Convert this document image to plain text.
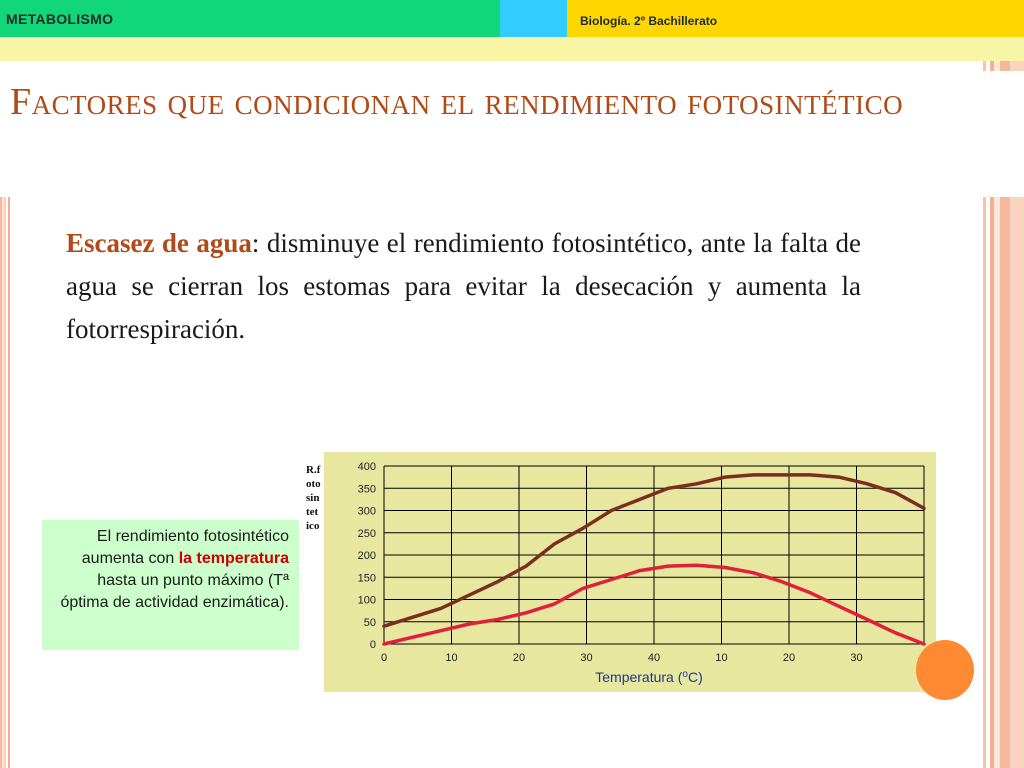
METABOLISMO	Biología. 2º Bachillerato
Factores que condicionan el rendimiento fotosintético
Escasez de agua: disminuye el rendimiento fotosintético, ante la falta de agua se cierran los estomas para evitar la desecación y aumenta la fotorrespiración.
El rendimiento fotosintético aumenta con la temperatura hasta un punto máximo (Tª óptima de actividad enzimática).
R.f
oto
sin
tet
ico
0
50
100
150
200
250
300
350
400
0	10	20	30	40	10	20	30
Temperatura ($^o$C)
